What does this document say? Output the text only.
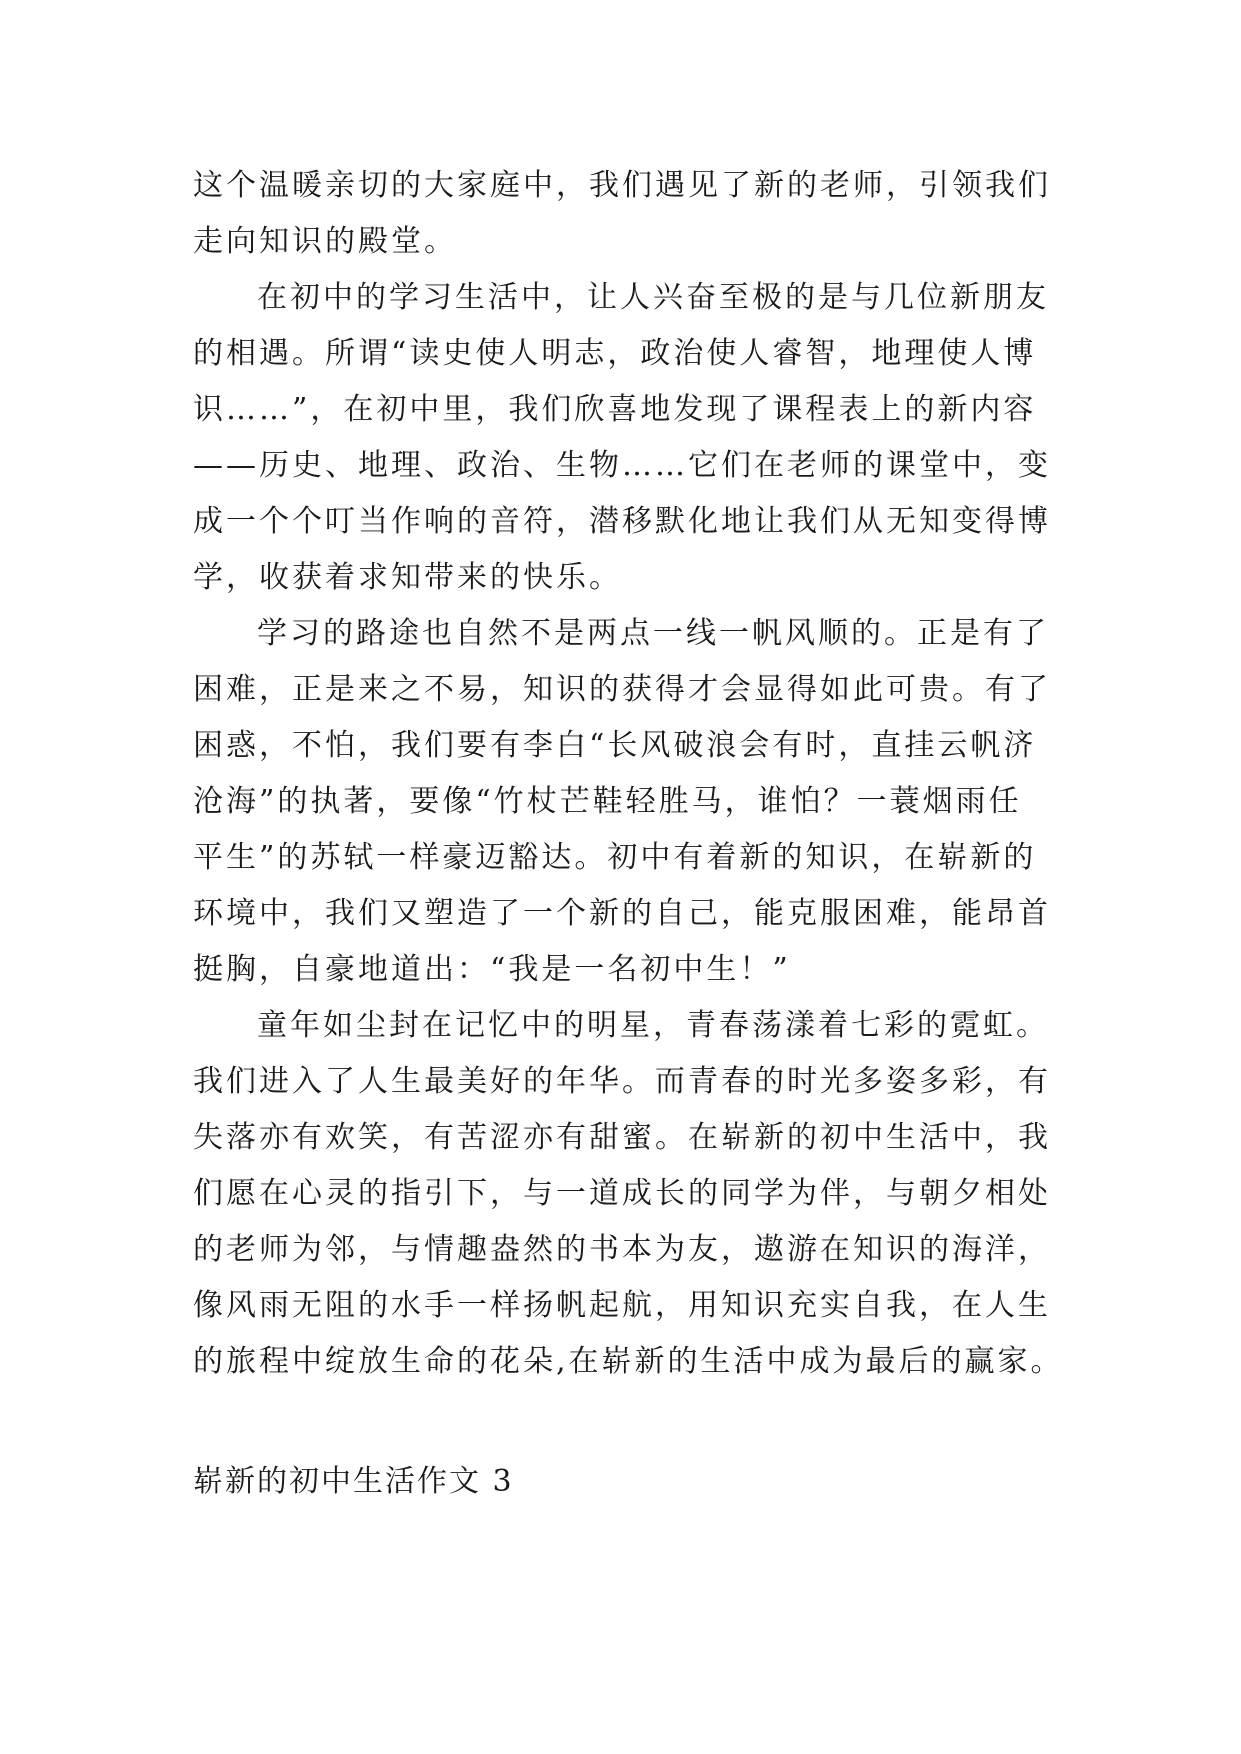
这个温暖亲切的大家庭中，我们遇见了新的老师，引领我们

走向知识的殿堂。

在初中的学习生活中，让人兴奋至极的是与几位新朋友

的相遇。所谓“读史使人明志，政治使人睿智，地理使人博

识……”，在初中里，我们欣喜地发现了课程表上的新内容

——历史、地理、政治、生物……它们在老师的课堂中，变

成一个个叮当作响的音符，潜移默化地让我们从无知变得博

学，收获着求知带来的快乐。

学习的路途也自然不是两点一线一帆风顺的。正是有了

困难，正是来之不易，知识的获得才会显得如此可贵。有了

困惑，不怕，我们要有李白“长风破浪会有时，直挂云帆济

沧海”的执著，要像“竹杖芒鞋轻胜马，谁怕？一蓑烟雨任

平生”的苏轼一样豪迈豁达。初中有着新的知识，在崭新的

环境中，我们又塑造了一个新的自己，能克服困难，能昂首

挺胸，自豪地道出：“我是一名初中生！”

童年如尘封在记忆中的明星，青春荡漾着七彩的霓虹。

我们进入了人生最美好的年华。而青春的时光多姿多彩，有

失落亦有欢笑，有苦涩亦有甜蜜。在崭新的初中生活中，我

们愿在心灵的指引下，与一道成长的同学为伴，与朝夕相处

的老师为邻，与情趣盎然的书本为友，遨游在知识的海洋，

像风雨无阻的水手一样扬帆起航，用知识充实自我，在人生

的旅程中绽放生命的花朵,在崭新的生活中成为最后的赢家。

崭新的初中生活作文 3
